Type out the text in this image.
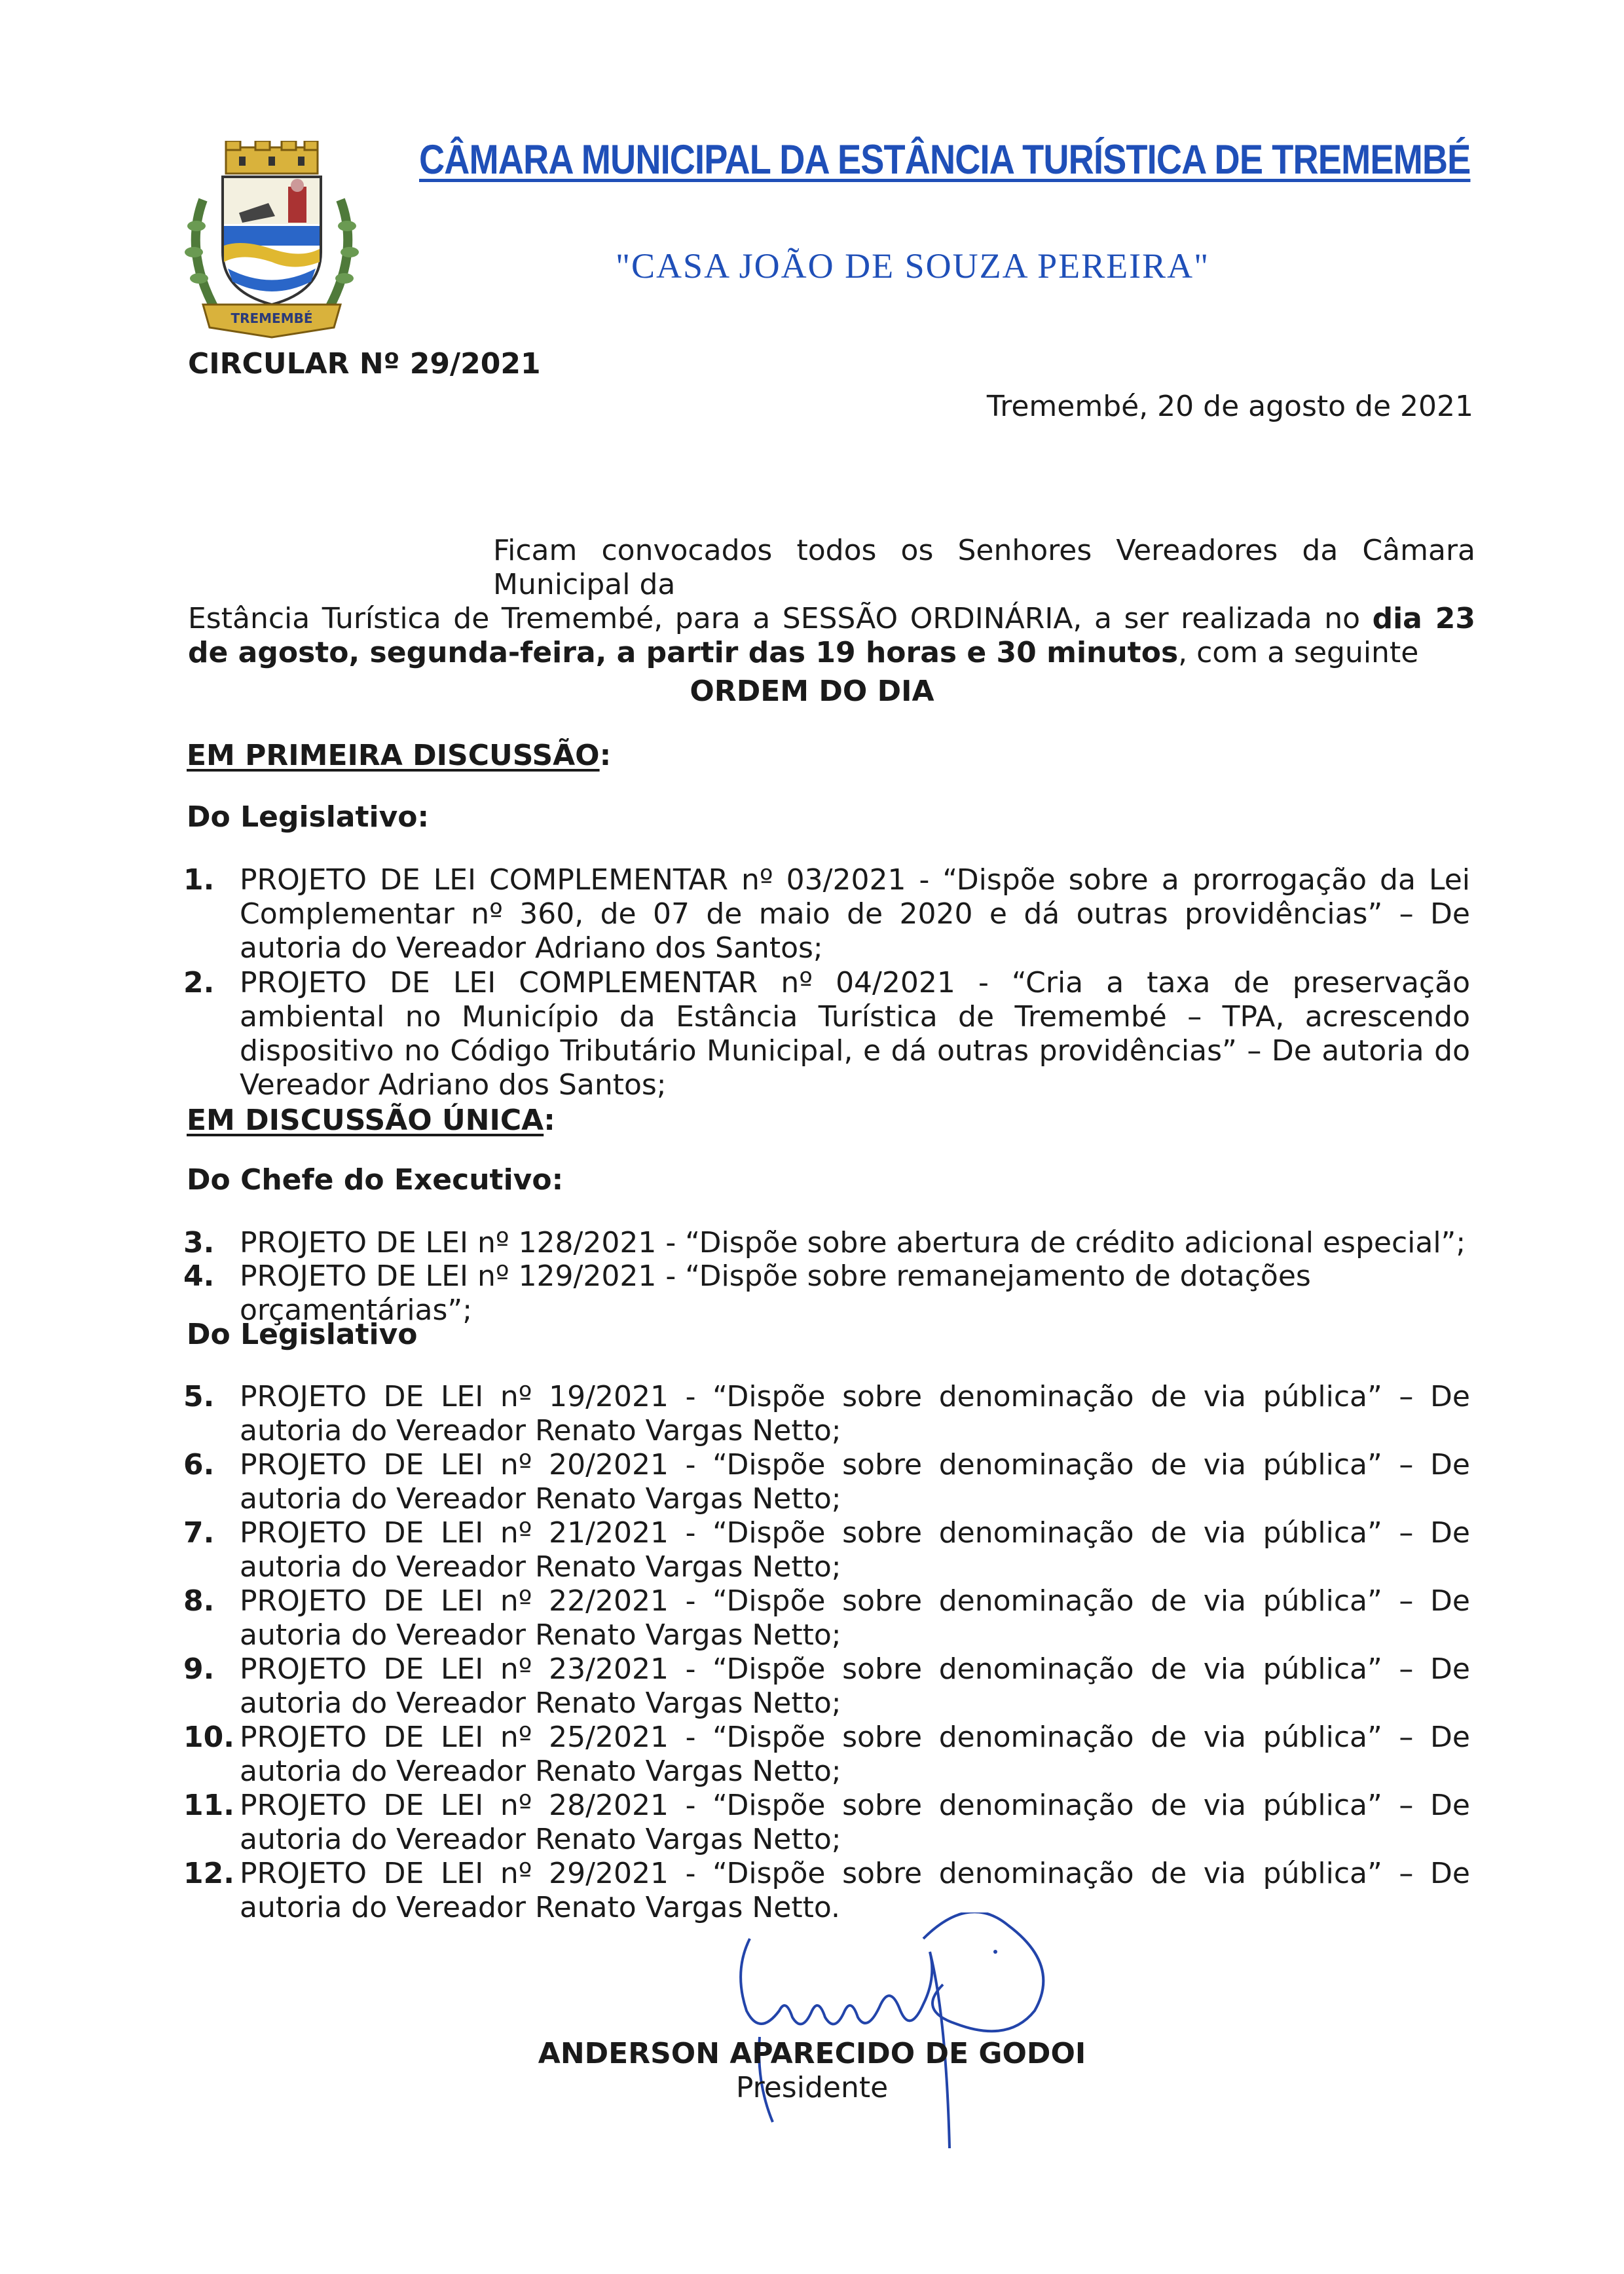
TREMEMBÉ
CÂMARA MUNICIPAL DA ESTÂNCIA TURÍSTICA DE TREMEMBÉ
"CASA JOÃO DE SOUZA PEREIRA"
CIRCULAR Nº 29/2021
Tremembé, 20 de agosto de 2021
Ficam convocados todos os Senhores Vereadores da Câmara Municipal da
Estância Turística de Tremembé, para a SESSÃO ORDINÁRIA, a ser realizada no dia 23 de agosto, segunda-feira, a partir das 19 horas e 30 minutos, com a seguinte
ORDEM DO DIA
EM PRIMEIRA DISCUSSÃO:
Do Legislativo:
1. PROJETO DE LEI COMPLEMENTAR nº 03/2021 - “Dispõe sobre a prorrogação da Lei Complementar nº 360, de 07 de maio de 2020 e dá outras providências” – De autoria do Vereador Adriano dos Santos;
2. PROJETO DE LEI COMPLEMENTAR nº 04/2021 - “Cria a taxa de preservação ambiental no Município da Estância Turística de Tremembé – TPA, acrescendo dispositivo no Código Tributário Municipal, e dá outras providências” – De autoria do Vereador Adriano dos Santos;
EM DISCUSSÃO ÚNICA:
Do Chefe do Executivo:
3. PROJETO DE LEI nº 128/2021 - “Dispõe sobre abertura de crédito adicional especial”;
4. PROJETO DE LEI nº 129/2021 - “Dispõe sobre remanejamento de dotações orçamentárias”;
Do Legislativo
5. PROJETO DE LEI nº 19/2021 - “Dispõe sobre denominação de via pública” – De autoria do Vereador Renato Vargas Netto;
6. PROJETO DE LEI nº 20/2021 - “Dispõe sobre denominação de via pública” – De autoria do Vereador Renato Vargas Netto;
7. PROJETO DE LEI nº 21/2021 - “Dispõe sobre denominação de via pública” – De autoria do Vereador Renato Vargas Netto;
8. PROJETO DE LEI nº 22/2021 - “Dispõe sobre denominação de via pública” – De autoria do Vereador Renato Vargas Netto;
9. PROJETO DE LEI nº 23/2021 - “Dispõe sobre denominação de via pública” – De autoria do Vereador Renato Vargas Netto;
10. PROJETO DE LEI nº 25/2021 - “Dispõe sobre denominação de via pública” – De autoria do Vereador Renato Vargas Netto;
11. PROJETO DE LEI nº 28/2021 - “Dispõe sobre denominação de via pública” – De autoria do Vereador Renato Vargas Netto;
12. PROJETO DE LEI nº 29/2021 - “Dispõe sobre denominação de via pública” – De autoria do Vereador Renato Vargas Netto.
ANDERSON APARECIDO DE GODOI
Presidente
